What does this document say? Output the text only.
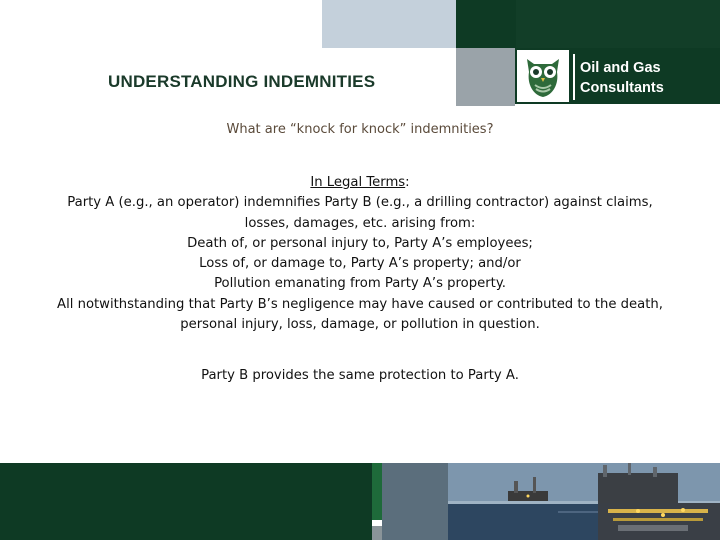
Oil and Gas
Consultants
UNDERSTANDING INDEMNITIES
What are “knock for knock” indemnities?
In Legal Terms:
Party A (e.g., an operator) indemnifies Party B (e.g., a drilling contractor) against claims,
losses, damages, etc. arising from:
Death of, or personal injury to, Party A’s employees;
Loss of, or damage to, Party A’s property; and/or
Pollution emanating from Party A’s property.
All notwithstanding that Party B’s negligence may have caused or contributed to the death,
personal injury, loss, damage, or pollution in question.
Party B provides the same protection to Party A.
